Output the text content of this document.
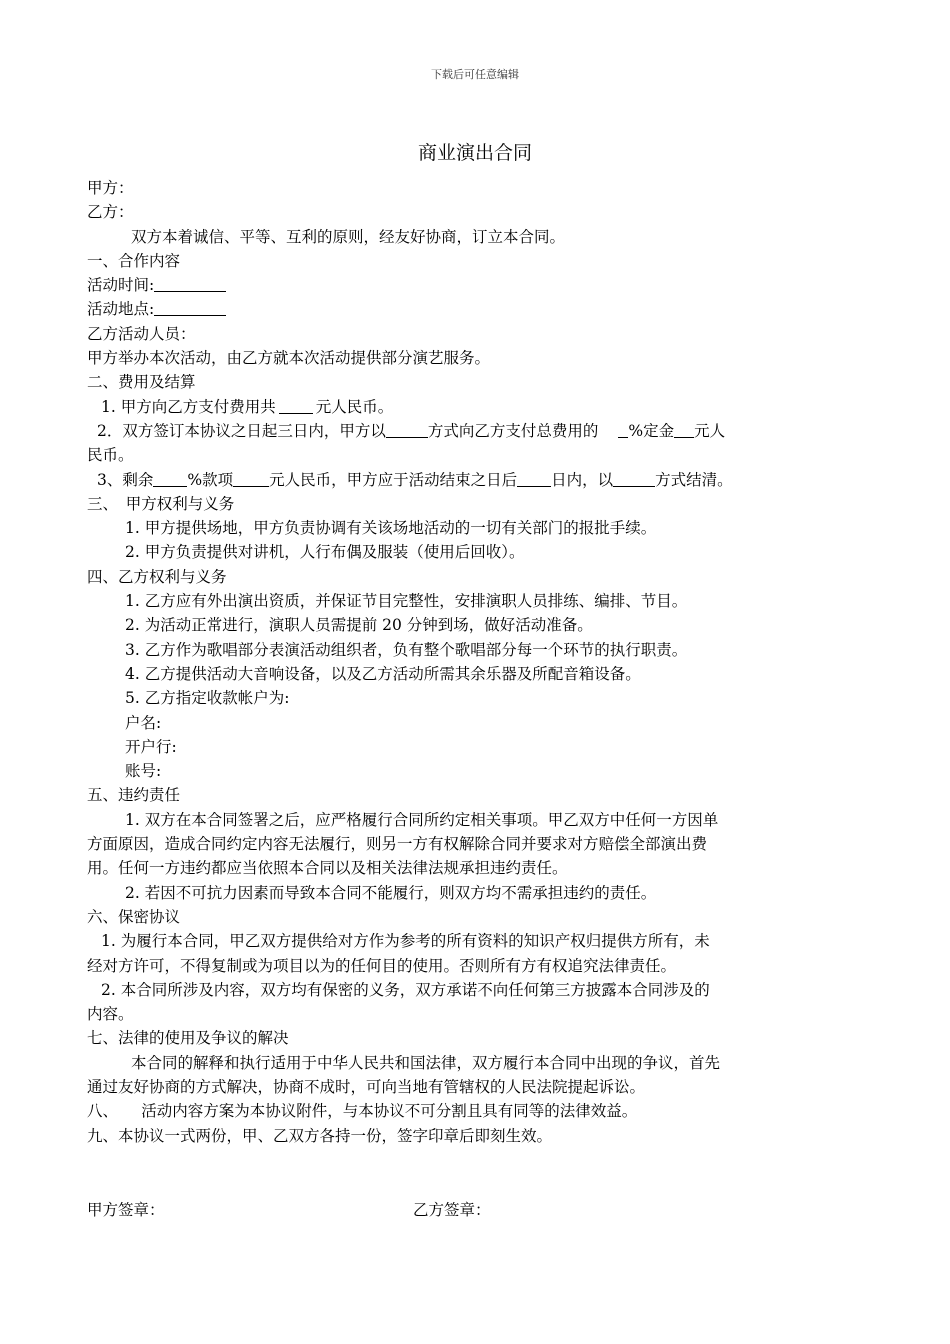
下载后可任意编辑
商业演出合同
甲方：
乙方：
双方本着诚信、平等、互利的原则，经友好协商，订立本合同。
一、合作内容
活动时间:
活动地点:
乙方活动人员：
甲方举办本次活动，由乙方就本次活动提供部分演艺服务。
二、费用及结算
1. 甲方向乙方支付费用共	元人民币。
2．双方签订本协议之日起三日内，甲方以	方式向乙方支付总费用的 %定金 元人
民币。
3、剩余 %款项 元人民币，甲方应于活动结束之日后 日内，以	方式结清。
三、　甲方权利与义务
1. 甲方提供场地，甲方负责协调有关该场地活动的一切有关部门的报批手续。
2. 甲方负责提供对讲机，人行布偶及服装（使用后回收）。
四、乙方权利与义务
1. 乙方应有外出演出资质，并保证节目完整性，安排演职人员排练、编排、节目。
2. 为活动正常进行，演职人员需提前 20 分钟到场，做好活动准备。
3. 乙方作为歌唱部分表演活动组织者，负有整个歌唱部分每一个环节的执行职责。
4. 乙方提供活动大音响设备，以及乙方活动所需其余乐器及所配音箱设备。
5. 乙方指定收款帐户为:
户名:
开户行:
账号:
五、违约责任
1. 双方在本合同签署之后，应严格履行合同所约定相关事项。甲乙双方中任何一方因单
方面原因，造成合同约定内容无法履行，则另一方有权解除合同并要求对方赔偿全部演出费
用。任何一方违约都应当依照本合同以及相关法律法规承担违约责任。
2. 若因不可抗力因素而导致本合同不能履行，则双方均不需承担违约的责任。
六、保密协议
1. 为履行本合同，甲乙双方提供给对方作为参考的所有资料的知识产权归提供方所有，未
经对方许可，不得复制或为项目以为的任何目的使用。否则所有方有权追究法律责任。
2. 本合同所涉及内容，双方均有保密的义务，双方承诺不向任何第三方披露本合同涉及的
内容。
七、法律的使用及争议的解决
本合同的解释和执行适用于中华人民共和国法律，双方履行本合同中出现的争议，首先
通过友好协商的方式解决，协商不成时，可向当地有管辖权的人民法院提起诉讼。
八、　　活动内容方案为本协议附件，与本协议不可分割且具有同等的法律效益。
九、本协议一式两份，甲、乙双方各持一份，签字印章后即刻生效。
甲方签章：	乙方签章：
